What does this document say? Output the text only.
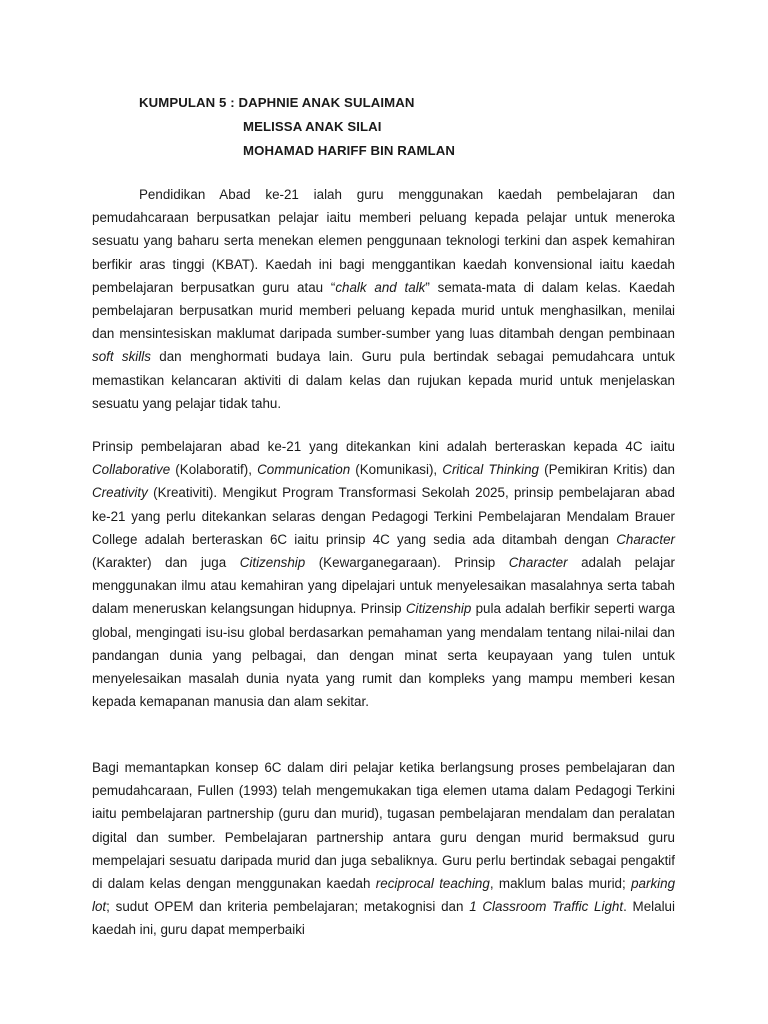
KUMPULAN 5 : DAPHNIE ANAK SULAIMAN
MELISSA ANAK SILAI
MOHAMAD HARIFF BIN RAMLAN

Pendidikan Abad ke-21 ialah guru menggunakan kaedah pembelajaran dan pemudahcaraan berpusatkan pelajar iaitu memberi peluang kepada pelajar untuk meneroka sesuatu yang baharu serta menekan elemen penggunaan teknologi terkini dan aspek kemahiran berfikir aras tinggi (KBAT). Kaedah ini bagi menggantikan kaedah konvensional iaitu kaedah pembelajaran berpusatkan guru atau “chalk and talk” semata-mata di dalam kelas. Kaedah pembelajaran berpusatkan murid memberi peluang kepada murid untuk menghasilkan, menilai dan mensintesiskan maklumat daripada sumber-sumber yang luas ditambah dengan pembinaan soft skills dan menghormati budaya lain. Guru pula bertindak sebagai pemudahcara untuk memastikan kelancaran aktiviti di dalam kelas dan rujukan kepada murid untuk menjelaskan sesuatu yang pelajar tidak tahu.

Prinsip pembelajaran abad ke-21 yang ditekankan kini adalah berteraskan kepada 4C iaitu Collaborative (Kolaboratif), Communication (Komunikasi), Critical Thinking (Pemikiran Kritis) dan Creativity (Kreativiti). Mengikut Program Transformasi Sekolah 2025, prinsip pembelajaran abad ke-21 yang perlu ditekankan selaras dengan Pedagogi Terkini Pembelajaran Mendalam Brauer College adalah berteraskan 6C iaitu prinsip 4C yang sedia ada ditambah dengan Character (Karakter) dan juga Citizenship (Kewarganegaraan). Prinsip Character adalah pelajar menggunakan ilmu atau kemahiran yang dipelajari untuk menyelesaikan masalahnya serta tabah dalam meneruskan kelangsungan hidupnya. Prinsip Citizenship pula adalah berfikir seperti warga global, mengingati isu-isu global berdasarkan pemahaman yang mendalam tentang nilai-nilai dan pandangan dunia yang pelbagai, dan dengan minat serta keupayaan yang tulen untuk menyelesaikan masalah dunia nyata yang rumit dan kompleks yang mampu memberi kesan kepada kemapanan manusia dan alam sekitar.

Bagi memantapkan konsep 6C dalam diri pelajar ketika berlangsung proses pembelajaran dan pemudahcaraan, Fullen (1993) telah mengemukakan tiga elemen utama dalam Pedagogi Terkini iaitu pembelajaran partnership (guru dan murid), tugasan pembelajaran mendalam dan peralatan digital dan sumber. Pembelajaran partnership antara guru dengan murid bermaksud guru mempelajari sesuatu daripada murid dan juga sebaliknya. Guru perlu bertindak sebagai pengaktif di dalam kelas dengan menggunakan kaedah reciprocal teaching, maklum balas murid; parking lot; sudut OPEM dan kriteria pembelajaran; metakognisi dan 1 Classroom Traffic Light. Melalui kaedah ini, guru dapat memperbaiki
